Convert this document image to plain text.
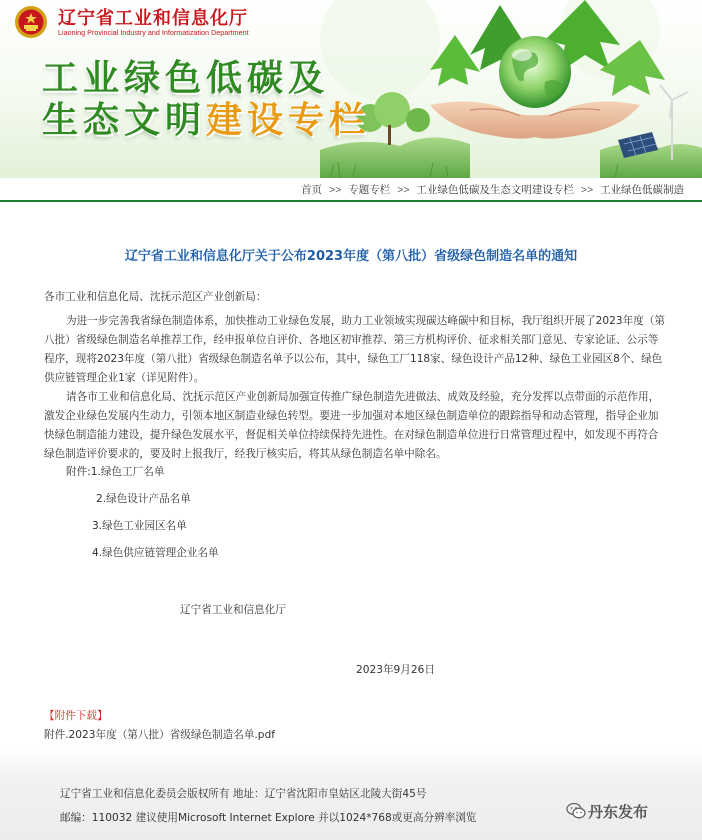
辽宁省工业和信息化厅
Liaoning Provincial Industry and Informatization Department
工业绿色低碳及
生态文明建设专栏
首页 >> 专题专栏 >> 工业绿色低碳及生态文明建设专栏 >> 工业绿色低碳制造
辽宁省工业和信息化厅关于公布2023年度（第八批）省级绿色制造名单的通知
各市工业和信息化局、沈抚示范区产业创新局：
为进一步完善我省绿色制造体系，加快推动工业绿色发展，助力工业领域实现碳达峰碳中和目标，我厅组织开展了2023年度（第八批）省级绿色制造名单推荐工作，经申报单位自评价、各地区初审推荐、第三方机构评价、征求相关部门意见、专家论证、公示等程序，现将2023年度（第八批）省级绿色制造名单予以公布，其中，绿色工厂118家、绿色设计产品12种、绿色工业园区8个、绿色供应链管理企业1家（详见附件）。
请各市工业和信息化局、沈抚示范区产业创新局加强宣传推广绿色制造先进做法、成效及经验，充分发挥以点带面的示范作用，激发企业绿色发展内生动力，引领本地区制造业绿色转型。要进一步加强对本地区绿色制造单位的跟踪指导和动态管理，指导企业加快绿色制造能力建设，提升绿色发展水平，督促相关单位持续保持先进性。在对绿色制造单位进行日常管理过程中，如发现不再符合绿色制造评价要求的，要及时上报我厅，经我厅核实后，将其从绿色制造名单中除名。
附件:1.绿色工厂名单
2.绿色设计产品名单
3.绿色工业园区名单
4.绿色供应链管理企业名单
辽宁省工业和信息化厅
2023年9月26日
【附件下载】
附件.2023年度（第八批）省级绿色制造名单.pdf
辽宁省工业和信息化委员会版权所有 地址：辽宁省沈阳市皇姑区北陵大街45号
邮编：110032 建议使用Microsoft Internet Explore 并以1024*768或更高分辨率浏览	丹东发布
